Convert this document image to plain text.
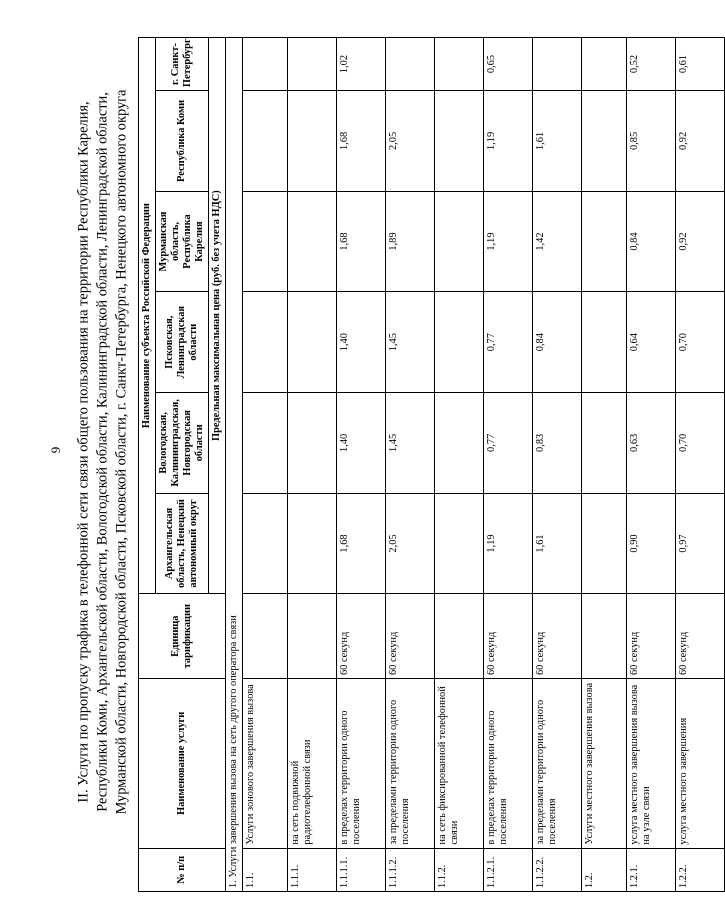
9 II. Услуги по пропуску трафика в телефонной сети связи общего пользования на территории Республики Карелия, Республики Коми, Архангельской области, Вологодской области, Калининградской области, Ленинградской области, Мурманской области, Новгородской области, Псковской области, г. Санкт-Петербурга, Ненецкого автономного округа
№ п/п	Наименование услуги	Единица тарификации	Наименование субъекта Российской Федерации					
			Архангельская область, Ненецкий автономный округ	Вологодская, Калининградская, Новгородская области	Псковская, Ленинградская области	Мурманская область, Республика Карелия	Республика Коми	г. Санкт-Петербург
			Предельная максимальная цена (руб. без учета НДС)					
1. Услуги завершения вызова на сеть другого оператора связи								
1.1.	Услуги зонового завершения вызова							
1.1.1.	на сеть подвижной радиотелефонной связи							
1.1.1.1.	в пределах территории одного поселения	60 секунд	1,68	1,40	1,40	1,68	1,68	1,02
1.1.1.2.	за пределами территории одного поселения	60 секунд	2,05	1,45	1,45	1,89	2,05	
1.1.2.	на сеть фиксированной телефонной связи							
1.1.2.1.	в пределах территории одного поселения	60 секунд	1,19	0,77	0,77	1,19	1,19	0,65
1.1.2.2.	за пределами территории одного поселения	60 секунд	1,61	0,83	0,84	1,42	1,61	
1.2.	Услуги местного завершения вызова							
1.2.1.	услуга местного завершения вызова на узле связи	60 секунд	0,90	0,63	0,64	0,84	0,85	0,52
1.2.2.	услуга местного завершения	60 секунд	0,97	0,70	0,70	0,92	0,92	0,61
